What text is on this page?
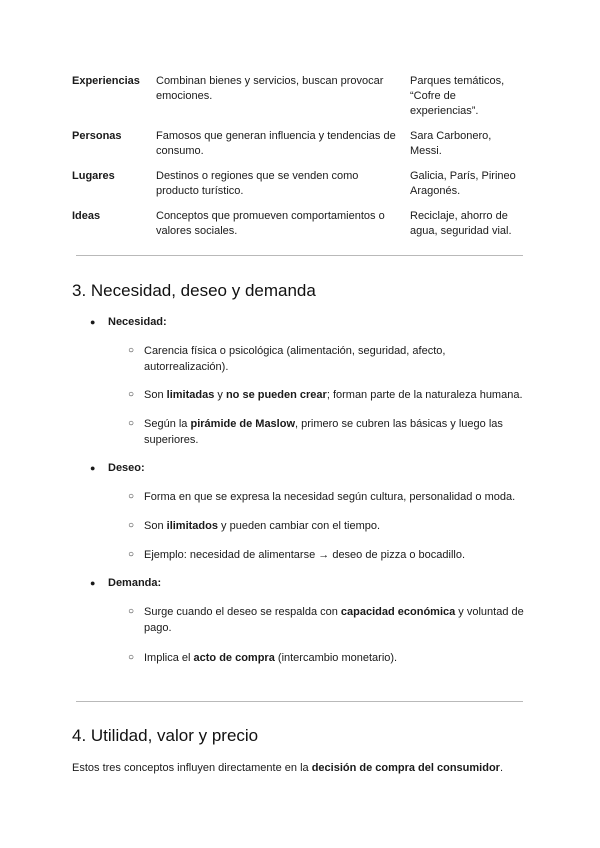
Experiencias	Combinan bienes y servicios, buscan provocar emociones.	Parques temáticos, “Cofre de experiencias”.
Personas	Famosos que generan influencia y tendencias de consumo.	Sara Carbonero, Messi.
Lugares	Destinos o regiones que se venden como producto turístico.	Galicia, París, Pirineo Aragonés.
Ideas	Conceptos que promueven comportamientos o valores sociales.	Reciclaje, ahorro de agua, seguridad vial.
3. Necesidad, deseo y demanda
● Necesidad:
○ Carencia física o psicológica (alimentación, seguridad, afecto, autorrealización).
○ Son limitadas y no se pueden crear; forman parte de la naturaleza humana.
○ Según la pirámide de Maslow, primero se cubren las básicas y luego las superiores.
● Deseo:
○ Forma en que se expresa la necesidad según cultura, personalidad o moda.
○ Son ilimitados y pueden cambiar con el tiempo.
○ Ejemplo: necesidad de alimentarse → deseo de pizza o bocadillo.
● Demanda:
○ Surge cuando el deseo se respalda con capacidad económica y voluntad de pago.
○ Implica el acto de compra (intercambio monetario).
4. Utilidad, valor y precio
Estos tres conceptos influyen directamente en la decisión de compra del consumidor.
